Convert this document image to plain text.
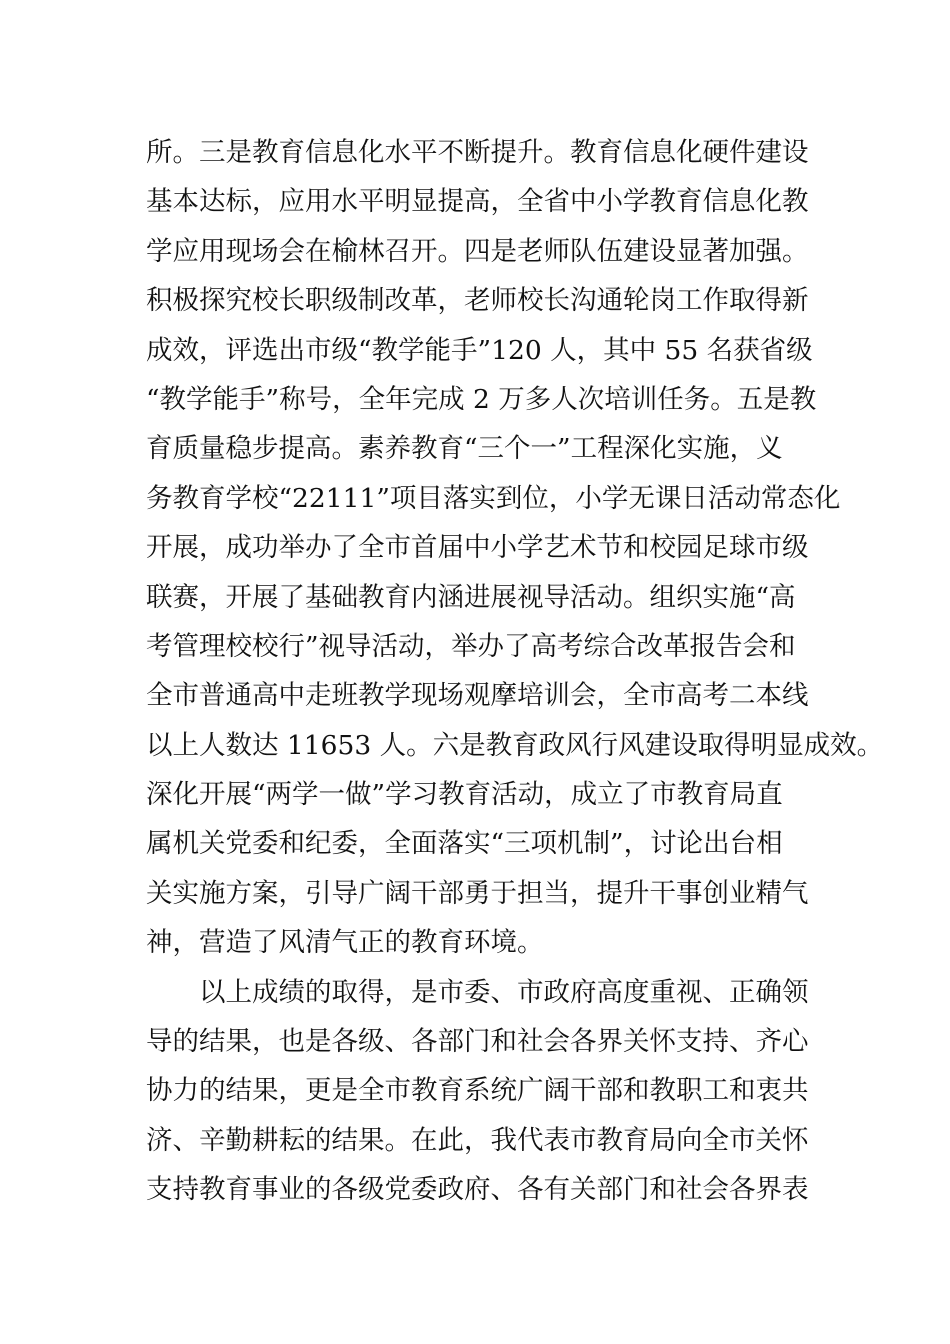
所。三是教育信息化水平不断提升。教育信息化硬件建设
基本达标，应用水平明显提高，全省中小学教育信息化教
学应用现场会在榆林召开。四是老师队伍建设显著加强。
积极探究校长职级制改革，老师校长沟通轮岗工作取得新
成效，评选出市级“教学能手”120 人，其中 55 名获省级
“教学能手”称号，全年完成 2 万多人次培训任务。五是教
育质量稳步提高。素养教育“三个一”工程深化实施，义
务教育学校“22111”项目落实到位，小学无课日活动常态化
开展，成功举办了全市首届中小学艺术节和校园足球市级
联赛，开展了基础教育内涵进展视导活动。组织实施“高
考管理校校行”视导活动，举办了高考综合改革报告会和
全市普通高中走班教学现场观摩培训会，全市高考二本线
以上人数达 11653 人。六是教育政风行风建设取得明显成效。
深化开展“两学一做”学习教育活动，成立了市教育局直
属机关党委和纪委，全面落实“三项机制”，讨论出台相
关实施方案，引导广阔干部勇于担当，提升干事创业精气
神，营造了风清气正的教育环境。
以上成绩的取得，是市委、市政府高度重视、正确领
导的结果，也是各级、各部门和社会各界关怀支持、齐心
协力的结果，更是全市教育系统广阔干部和教职工和衷共
济、辛勤耕耘的结果。在此，我代表市教育局向全市关怀
支持教育事业的各级党委政府、各有关部门和社会各界表
